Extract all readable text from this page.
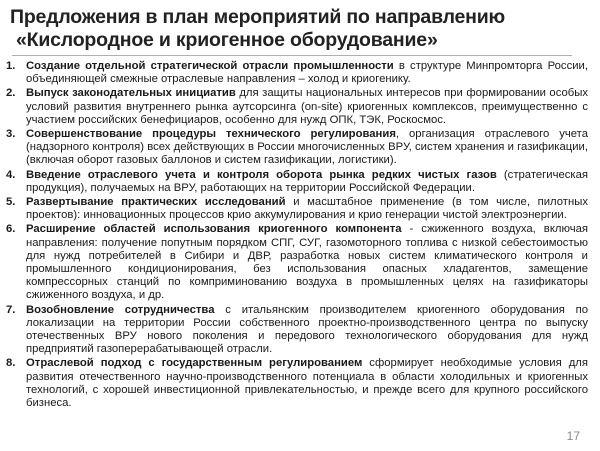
Предложения в план мероприятий по направлению
«Кислородное и криогенное оборудование»
1. Создание отдельной стратегической отрасли промышленности в структуре Минпромторга России, объединяющей смежные отраслевые направления – холод и криогенику.
2. Выпуск законодательных инициатив для защиты национальных интересов при формировании особых условий развития внутреннего рынка аутсорсинга (on-site) криогенных комплексов, преимущественно с участием российских бенефициаров, особенно для нужд ОПК, ТЭК, Роскосмос.
3. Совершенствование процедуры технического регулирования, организация отраслевого учета (надзорного контроля) всех действующих в России многочисленных ВРУ, систем хранения и газификации, (включая оборот газовых баллонов и систем газификации, логистики).
4. Введение отраслевого учета и контроля оборота рынка редких чистых газов (стратегическая продукция), получаемых на ВРУ, работающих на территории Российской Федерации.
5. Развертывание практических исследований и масштабное применение (в том числе, пилотных проектов): инновационных процессов крио аккумулирования и крио генерации чистой электроэнергии.
6. Расширение областей использования криогенного компонента - сжиженного воздуха, включая направления: получение попутным порядком СПГ, СУГ, газомоторного топлива с низкой себестоимостью для нужд потребителей в Сибири и ДВР, разработка новых систем климатического контроля и промышленного кондиционирования, без использования опасных хладагентов, замещение компрессорных станций по комприминованию воздуха в промышленных целях на газификаторы сжиженного воздуха, и др.
7. Возобновление сотрудничества с итальянским производителем криогенного оборудования по локализации на территории России собственного проектно-производственного центра по выпуску отечественных ВРУ нового поколения и передового технологического оборудования для нужд предприятий газоперерабатывающей отрасли.
8. Отраслевой подход с государственным регулированием сформирует необходимые условия для развития отечественного научно-производственного потенциала в области холодильных и криогенных технологий, с хорошей инвестиционной привлекательностью, и прежде всего для крупного российского бизнеса.
17
